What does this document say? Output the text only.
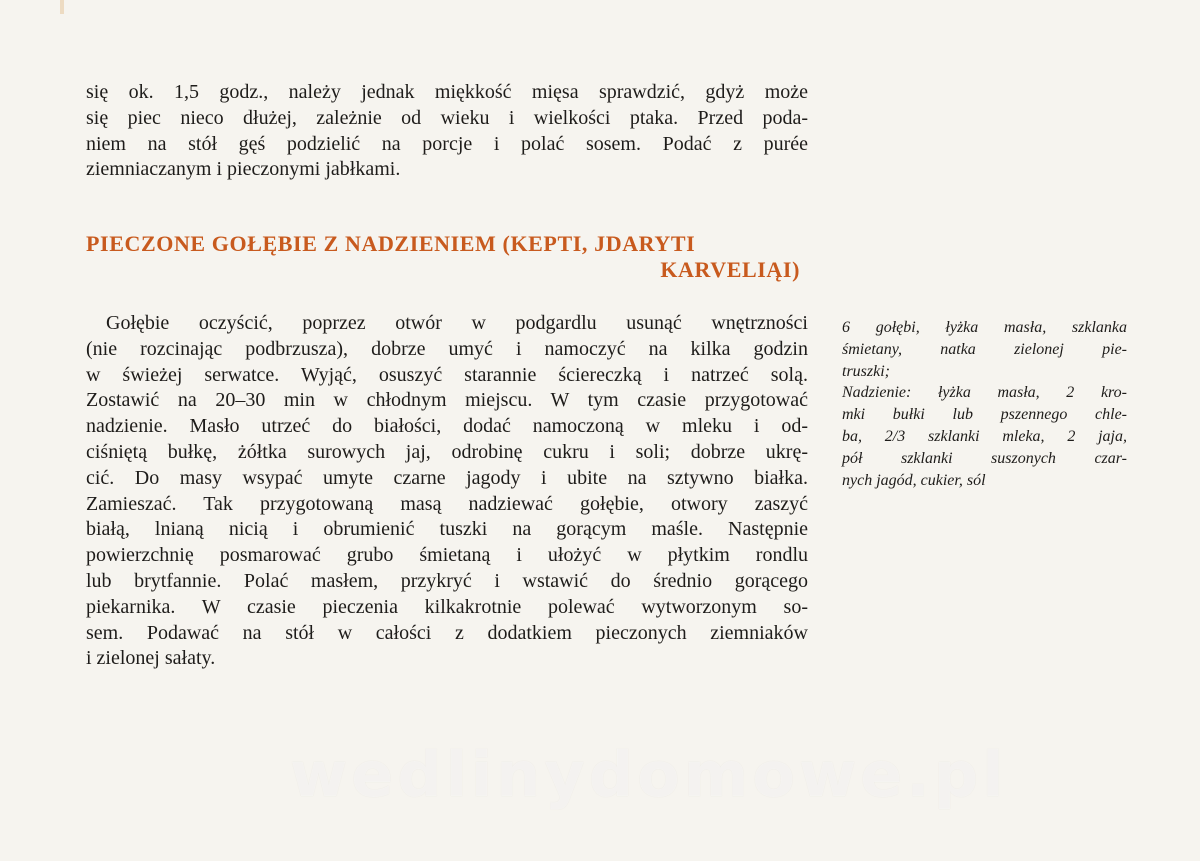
się ok. 1,5 godz., należy jednak miękkość mięsa sprawdzić, gdyż może
się piec nieco dłużej, zależnie od wieku i wielkości ptaka. Przed poda-
niem na stół gęś podzielić na porcje i polać sosem. Podać z purée
ziemniaczanym i pieczonymi jabłkami.
PIECZONE GOŁĘBIE Z NADZIENIEM (KEPTI, JDARYTI
KARVELIĄI)
Gołębie oczyścić, poprzez otwór w podgardlu usunąć wnętrzności
(nie rozcinając podbrzusza), dobrze umyć i namoczyć na kilka godzin
w świeżej serwatce. Wyjąć, osuszyć starannie ściereczką i natrzeć solą.
Zostawić na 20–30 min w chłodnym miejscu. W tym czasie przygotować
nadzienie. Masło utrzeć do białości, dodać namoczoną w mleku i od-
ciśniętą bułkę, żółtka surowych jaj, odrobinę cukru i soli; dobrze ukrę-
cić. Do masy wsypać umyte czarne jagody i ubite na sztywno białka.
Zamieszać. Tak przygotowaną masą nadziewać gołębie, otwory zaszyć
białą, lnianą nicią i obrumienić tuszki na gorącym maśle. Następnie
powierzchnię posmarować grubo śmietaną i ułożyć w płytkim rondlu
lub brytfannie. Polać masłem, przykryć i wstawić do średnio gorącego
piekarnika. W czasie pieczenia kilkakrotnie polewać wytworzonym so-
sem. Podawać na stół w całości z dodatkiem pieczonych ziemniaków
i zielonej sałaty.
6 gołębi, łyżka masła, szklanka
śmietany, natka zielonej pie-
truszki;
Nadzienie: łyżka masła, 2 kro-
mki bułki lub pszennego chle-
ba, 2/3 szklanki mleka, 2 jaja,
pół szklanki suszonych czar-
nych jagód, cukier, sól
wedlinydomowe.pl
